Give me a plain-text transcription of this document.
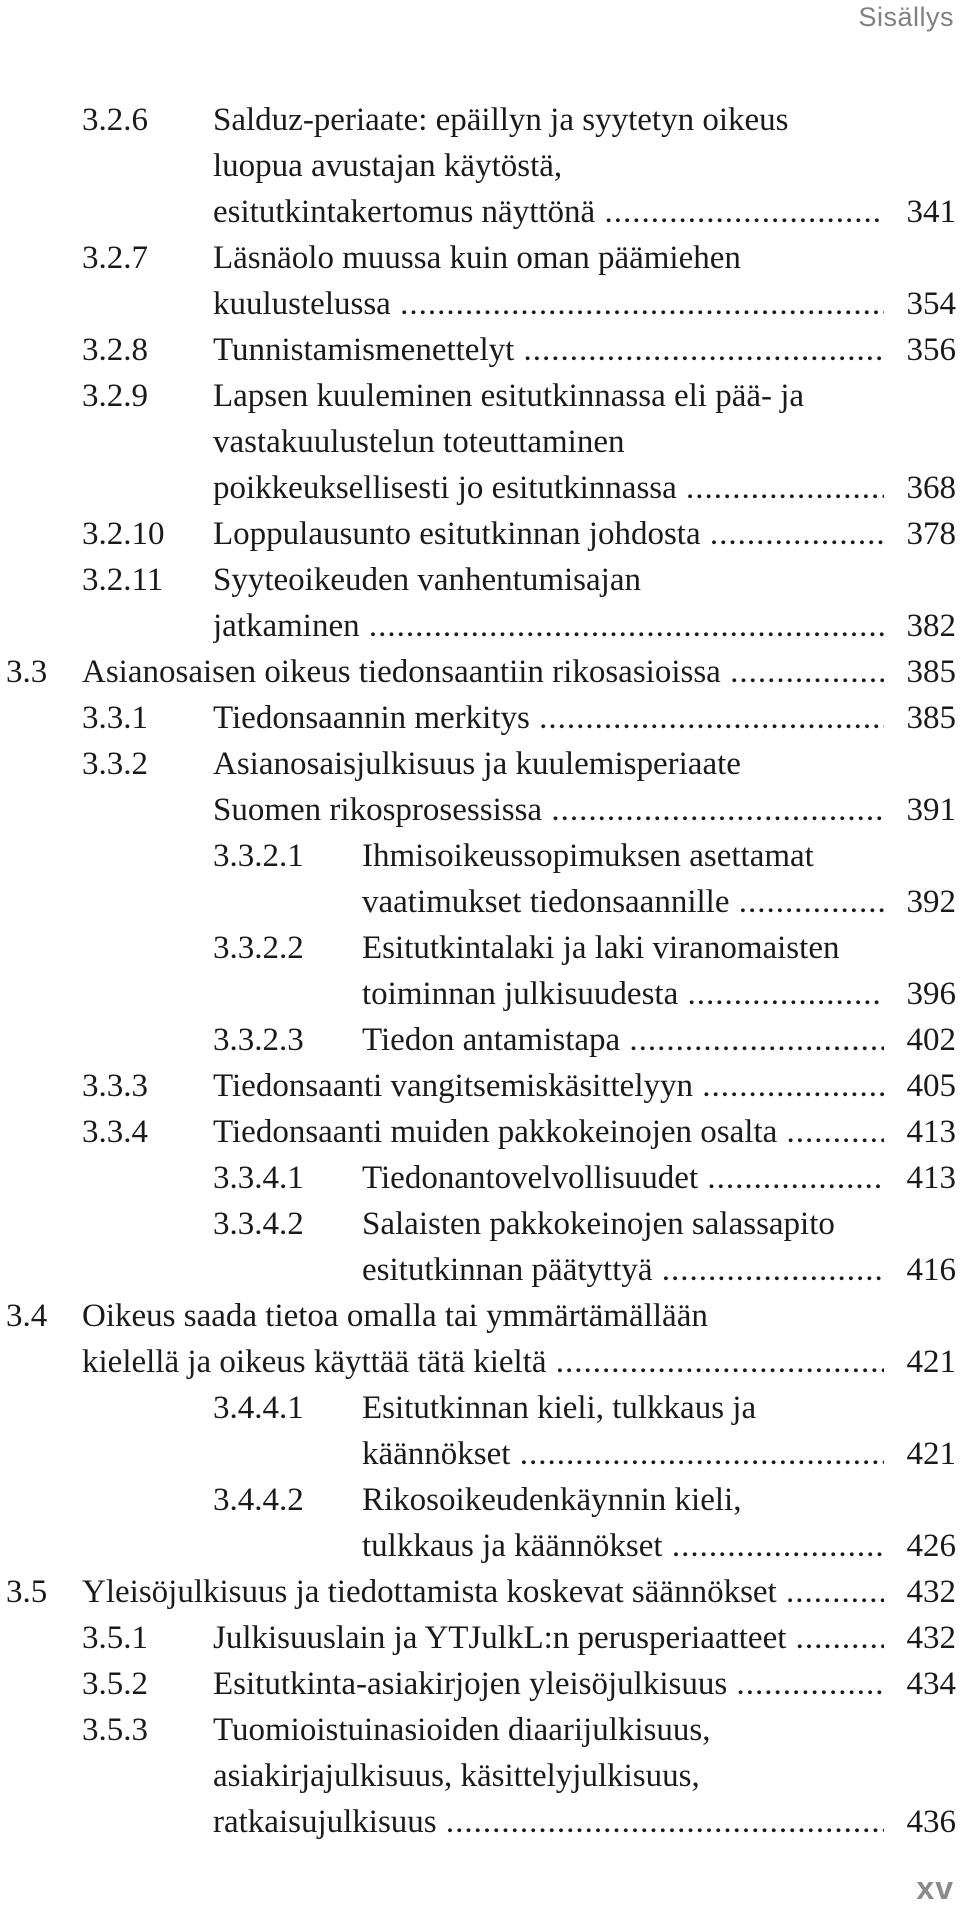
Sisällys
3.2.6 Salduz-periaate: epäillyn ja syytetyn oikeus
luopua avustajan käytöstä,
esitutkintakertomus näyttönä .....	341
3.2.7 Läsnäolo muussa kuin oman päämiehen
kuulustelussa .....	354
3.2.8 Tunnistamismenettelyt .....	356
3.2.9 Lapsen kuuleminen esitutkinnassa eli pää- ja
vastakuulustelun toteuttaminen
poikkeuksellisesti jo esitutkinnassa .....	368
3.2.10 Loppulausunto esitutkinnan johdosta .....	378
3.2.11 Syyteoikeuden vanhentumisajan
jatkaminen .....	382
3.3 Asianosaisen oikeus tiedonsaantiin rikosasioissa .....	385
3.3.1 Tiedonsaannin merkitys .....	385
3.3.2 Asianosaisjulkisuus ja kuulemisperiaate
Suomen rikosprosessissa .....	391
3.3.2.1 Ihmisoikeussopimuksen asettamat
vaatimukset tiedonsaannille .....	392
3.3.2.2 Esitutkintalaki ja laki viranomaisten
toiminnan julkisuudesta .....	396
3.3.2.3 Tiedon antamistapa .....	402
3.3.3 Tiedonsaanti vangitsemiskäsittelyyn .....	405
3.3.4 Tiedonsaanti muiden pakkokeinojen osalta .....	413
3.3.4.1 Tiedonantovelvollisuudet .....	413
3.3.4.2 Salaisten pakkokeinojen salassapito
esitutkinnan päätyttyä .....	416
3.4 Oikeus saada tietoa omalla tai ymmärtämällään
kielellä ja oikeus käyttää tätä kieltä .....	421
3.4.4.1 Esitutkinnan kieli, tulkkaus ja
käännökset .....	421
3.4.4.2 Rikosoikeudenkäynnin kieli,
tulkkaus ja käännökset .....	426
3.5 Yleisöjulkisuus ja tiedottamista koskevat säännökset .....	432
3.5.1 Julkisuuslain ja YTJulkL:n perusperiaatteet .....	432
3.5.2 Esitutkinta-asiakirjojen yleisöjulkisuus .....	434
3.5.3 Tuomioistuinasioiden diaarijulkisuus,
asiakirjajulkisuus, käsittelyjulkisuus,
ratkaisujulkisuus .....	436
xv
